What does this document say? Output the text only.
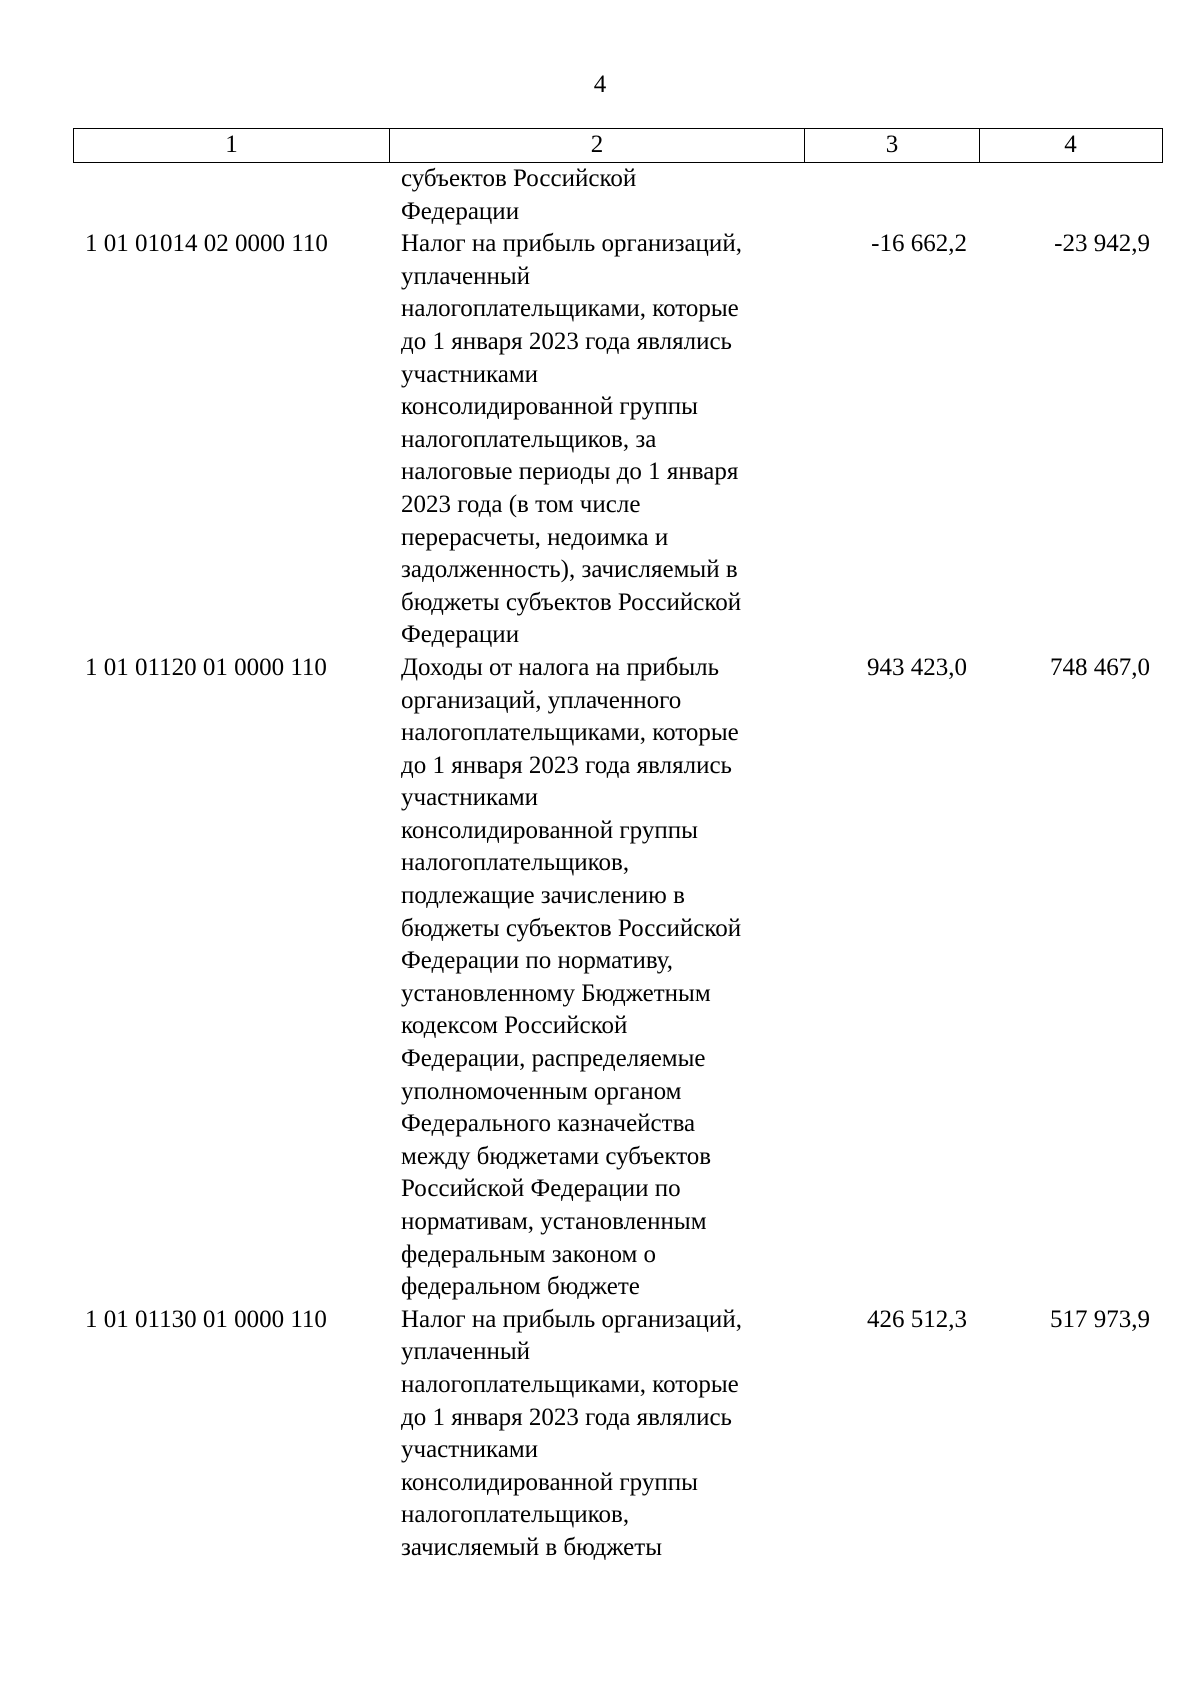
4
1	2	3	4
субъектов Российской
Федерации
1 01 01014 02 0000 110	Налог на прибыль организаций,
уплаченный
налогоплательщиками, которые
до 1 января 2023 года являлись
участниками
консолидированной группы
налогоплательщиков, за
налоговые периоды до 1 января
2023 года (в том числе
перерасчеты, недоимка и
задолженность), зачисляемый в
бюджеты субъектов Российской
Федерации
-16 662,2	-23 942,9
1 01 01120 01 0000 110	Доходы от налога на прибыль
организаций, уплаченного
налогоплательщиками, которые
до 1 января 2023 года являлись
участниками
консолидированной группы
налогоплательщиков,
подлежащие зачислению в
бюджеты субъектов Российской
Федерации по нормативу,
установленному Бюджетным
кодексом Российской
Федерации, распределяемые
уполномоченным органом
Федерального казначейства
между бюджетами субъектов
Российской Федерации по
нормативам, установленным
федеральным законом о
федеральном бюджете
943 423,0	748 467,0
1 01 01130 01 0000 110	Налог на прибыль организаций,
уплаченный
налогоплательщиками, которые
до 1 января 2023 года являлись
участниками
консолидированной группы
налогоплательщиков,
зачисляемый в бюджеты
426 512,3	517 973,9
